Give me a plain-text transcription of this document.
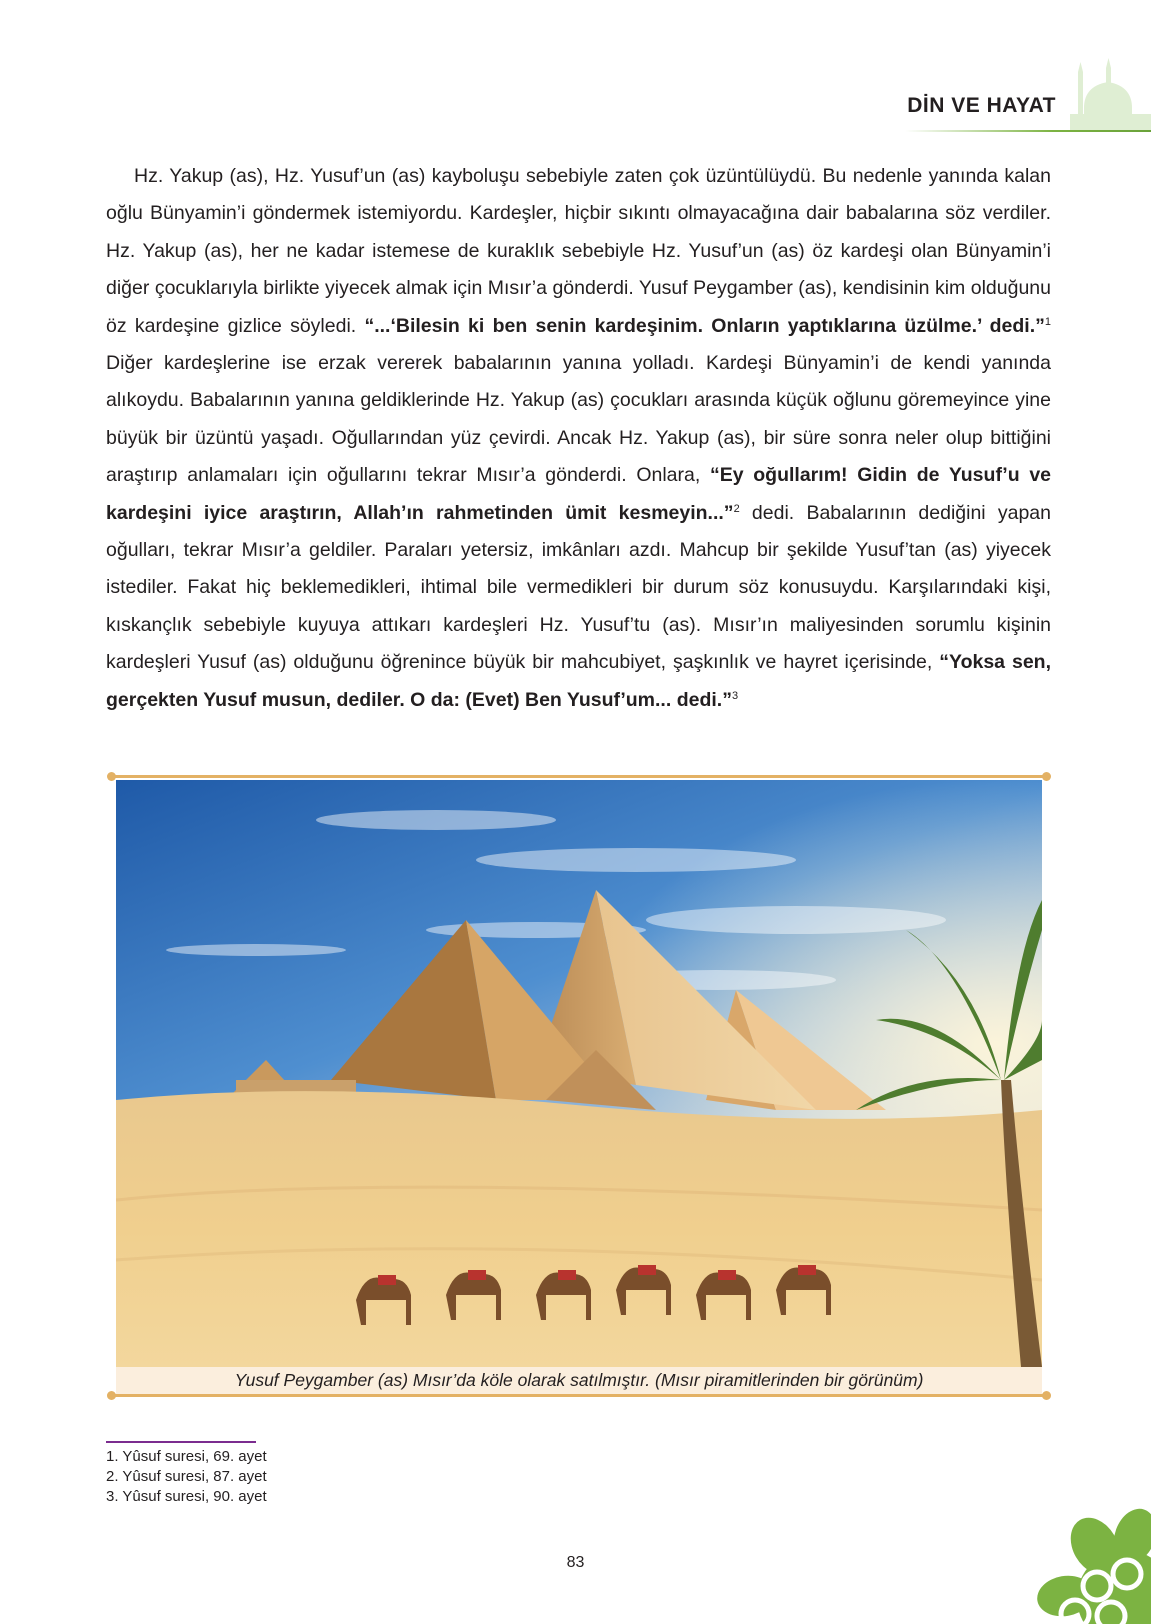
DİN VE HAYAT

Hz. Yakup (as), Hz. Yusuf’un (as) kayboluşu sebebiyle zaten çok üzüntülüydü. Bu nedenle yanında kalan oğlu Bünyamin’i göndermek istemiyordu. Kardeşler, hiçbir sıkıntı olmayacağına dair babalarına söz verdiler. Hz. Yakup (as), her ne kadar istemese de kuraklık sebebiyle Hz. Yusuf’un (as) öz kardeşi olan Bünyamin’i diğer çocuklarıyla birlikte yiyecek almak için Mısır’a gönderdi. Yusuf Peygamber (as), kendisinin kim olduğunu öz kardeşine gizlice söyledi. “...‘Bilesin ki ben senin kardeşinim. Onların yaptıklarına üzülme.’ dedi.”$^1$ Diğer kardeşlerine ise erzak vererek babalarının yanına yolladı. Kardeşi Bünyamin’i de kendi yanında alıkoydu. Babalarının yanına geldiklerinde Hz. Yakup (as) çocukları arasında küçük oğlunu göremeyince yine büyük bir üzüntü yaşadı. Oğullarından yüz çevirdi. Ancak Hz. Yakup (as), bir süre sonra neler olup bittiğini araştırıp anlamaları için oğullarını tekrar Mısır’a gönderdi. Onlara, “Ey oğullarım! Gidin de Yusuf’u ve kardeşini iyice araştırın, Allah’ın rahmetinden ümit kesmeyin...”$^2$ dedi. Babalarının dediğini yapan oğulları, tekrar Mısır’a geldiler. Paraları yetersiz, imkânları azdı. Mahcup bir şekilde Yusuf’tan (as) yiyecek istediler. Fakat hiç beklemedikleri, ihtimal bile vermedikleri bir durum söz konusuydu. Karşılarındaki kişi, kıskançlık sebebiyle kuyuya attıkarı kardeşleri Hz. Yusuf’tu (as). Mısır’ın maliyesinden sorumlu kişinin kardeşleri Yusuf (as) olduğunu öğrenince büyük bir mahcubiyet, şaşkınlık ve hayret içerisinde, “Yoksa sen, gerçekten Yusuf musun, dediler. O da: (Evet) Ben Yusuf’um... dedi.”$^3$

Yusuf Peygamber (as) Mısır’da köle olarak satılmıştır. (Mısır piramitlerinden bir görünüm)
1. Yûsuf suresi, 69. ayet
2. Yûsuf suresi, 87. ayet
3. Yûsuf suresi, 90. ayet
83
